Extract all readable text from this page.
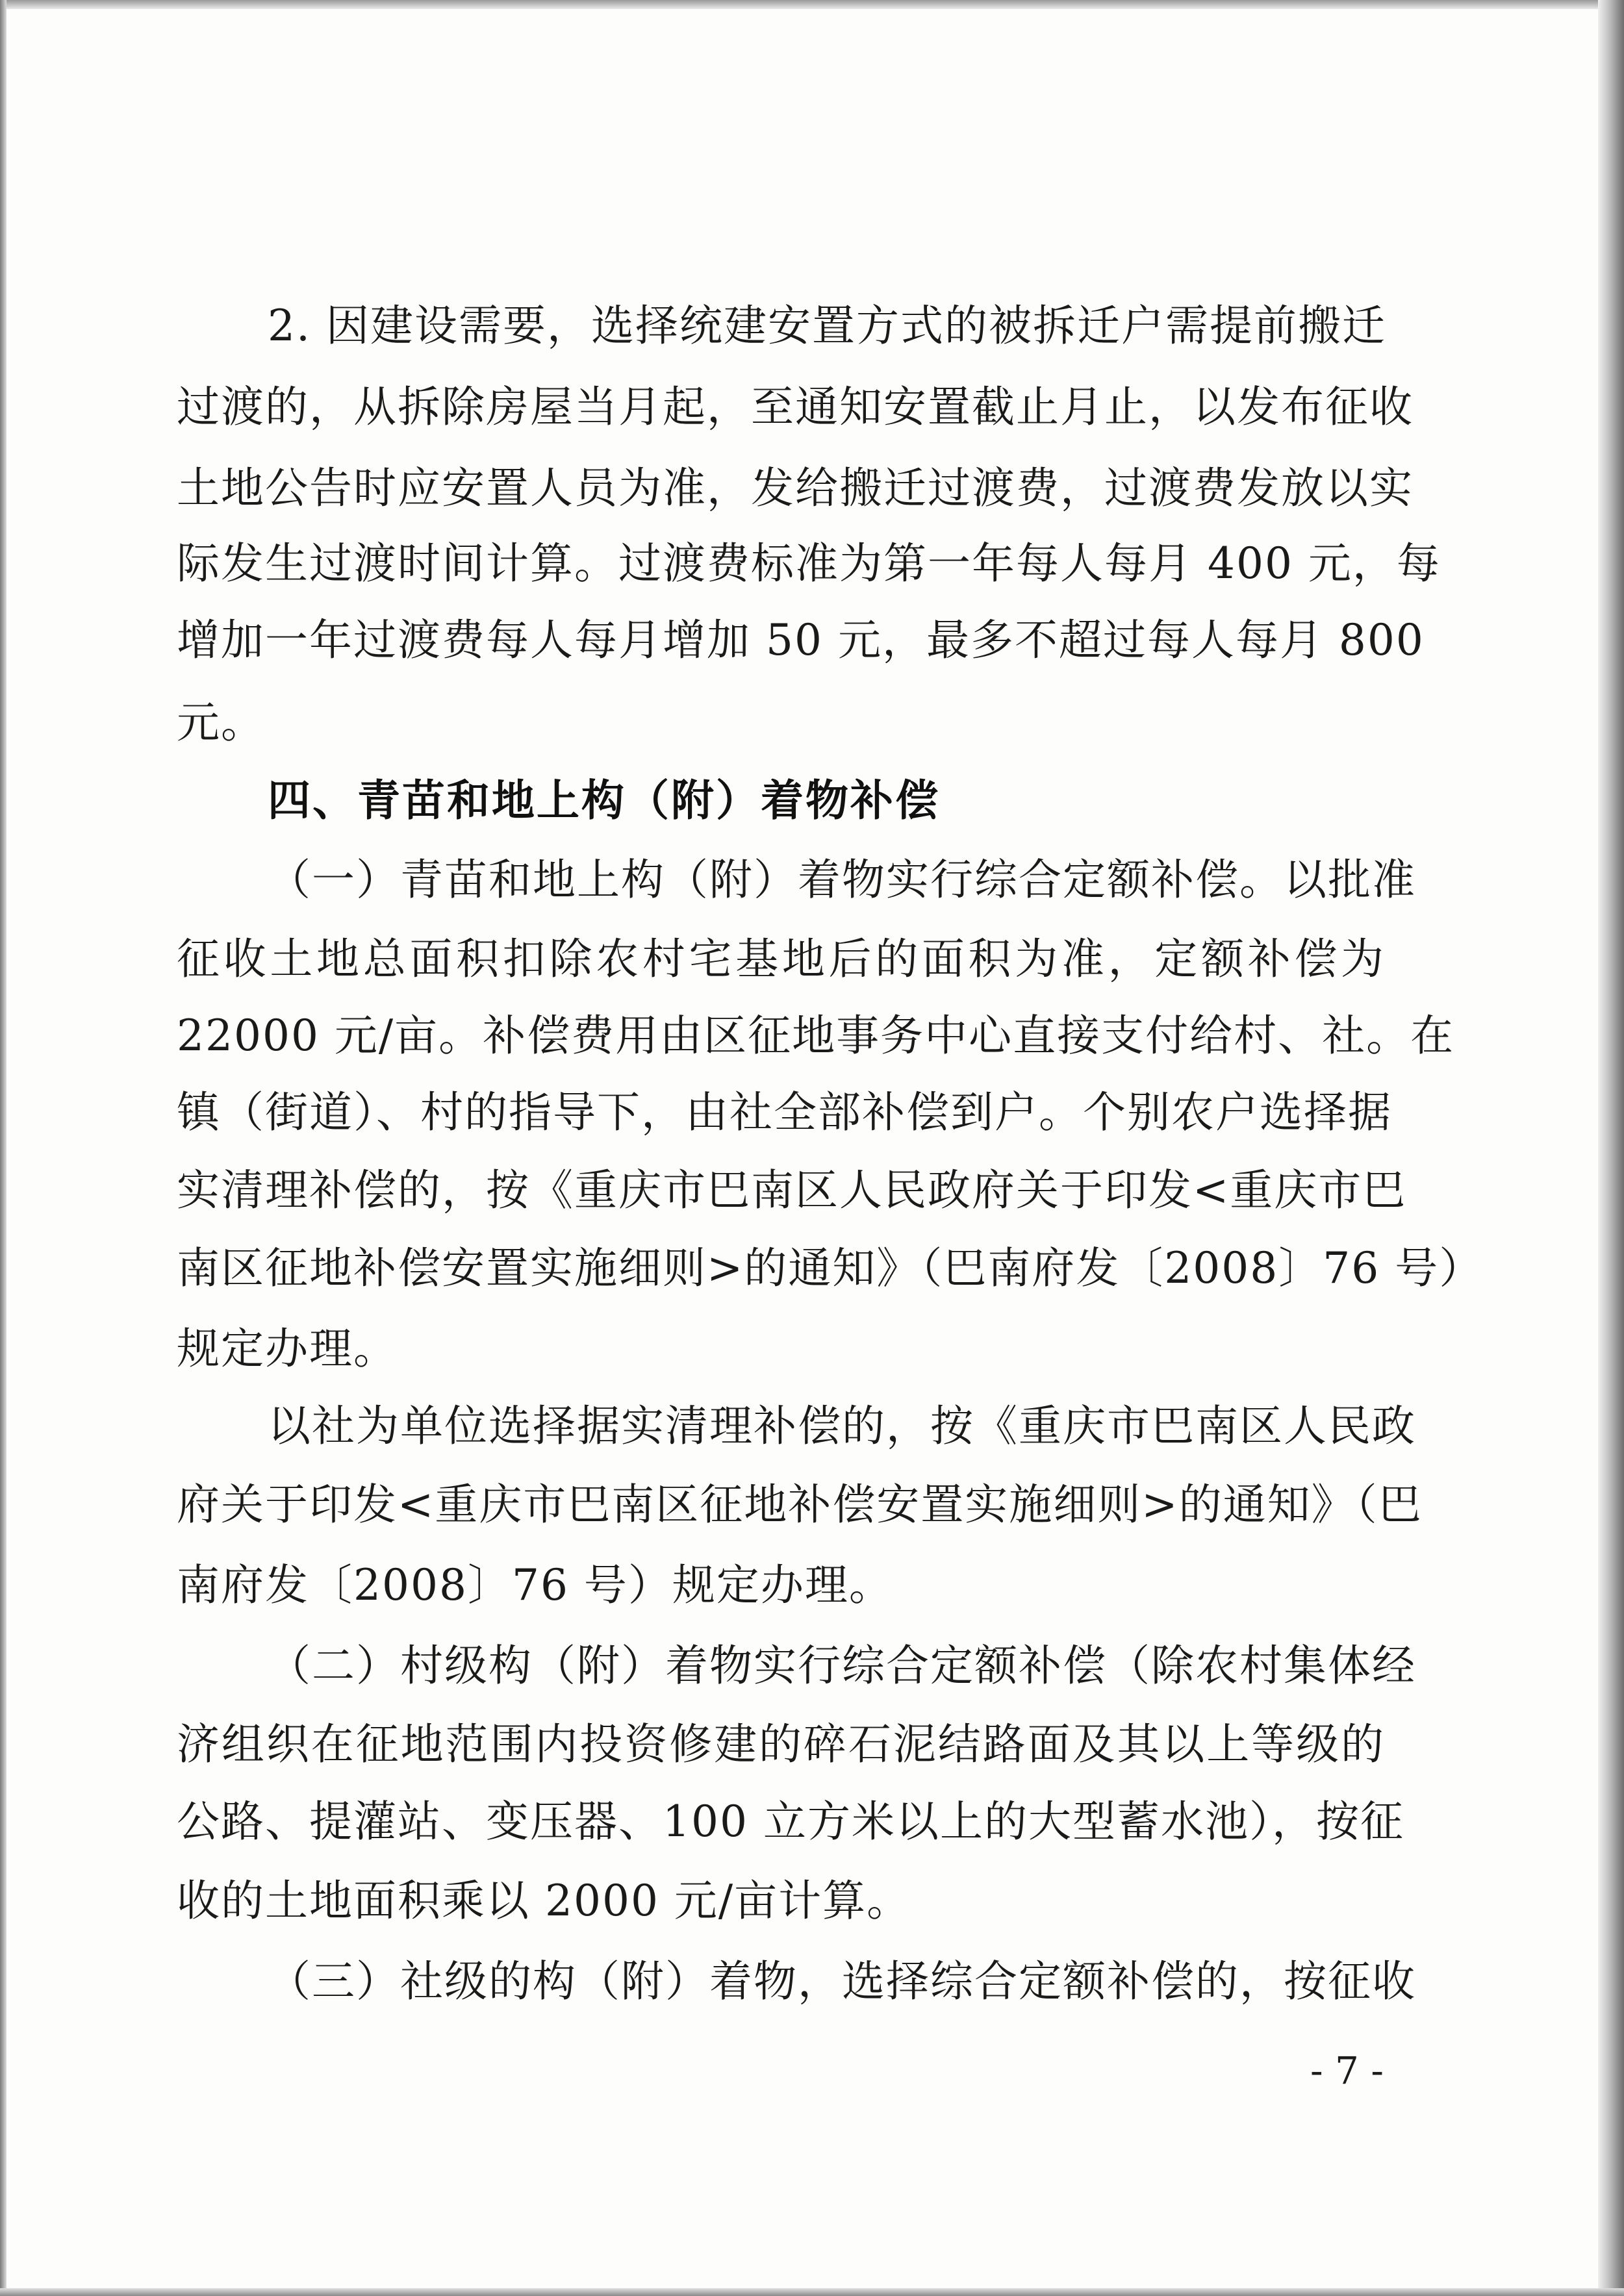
2. 因建设需要，选择统建安置方式的被拆迁户需提前搬迁
过渡的，从拆除房屋当月起，至通知安置截止月止，以发布征收
土地公告时应安置人员为准，发给搬迁过渡费，过渡费发放以实
际发生过渡时间计算。过渡费标准为第一年每人每月 400 元，每
增加一年过渡费每人每月增加 50 元，最多不超过每人每月 800
元。
四、青苗和地上构（附）着物补偿
（一）青苗和地上构（附）着物实行综合定额补偿。以批准
征收土地总面积扣除农村宅基地后的面积为准，定额补偿为
22000 元/亩。补偿费用由区征地事务中心直接支付给村、社。在
镇（街道）、村的指导下，由社全部补偿到户。个别农户选择据
实清理补偿的，按《重庆市巴南区人民政府关于印发<重庆市巴
南区征地补偿安置实施细则>的通知》（巴南府发〔2008〕76 号）
规定办理。
以社为单位选择据实清理补偿的，按《重庆市巴南区人民政
府关于印发<重庆市巴南区征地补偿安置实施细则>的通知》（巴
南府发〔2008〕76 号）规定办理。
（二）村级构（附）着物实行综合定额补偿（除农村集体经
济组织在征地范围内投资修建的碎石泥结路面及其以上等级的
公路、提灌站、变压器、100 立方米以上的大型蓄水池），按征
收的土地面积乘以 2000 元/亩计算。
（三）社级的构（附）着物，选择综合定额补偿的，按征收
- 7 -
